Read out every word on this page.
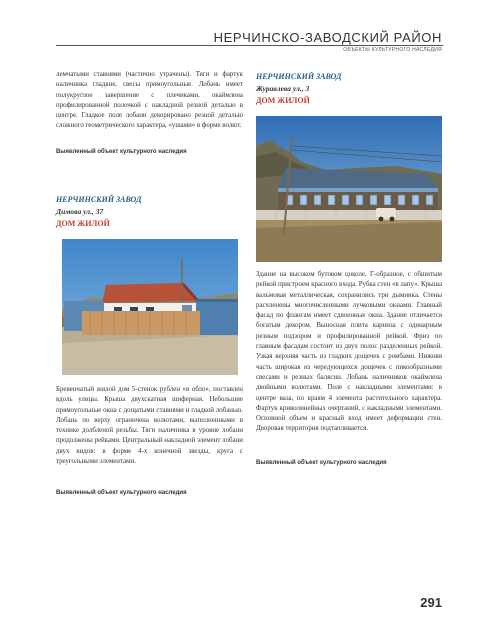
НЕРЧИНСКО-ЗАВОДСКИЙ РАЙОН
ОБЪЕКТЫ КУЛЬТУРНОГО НАСЛЕДИЯ

лемчатыми ставнями (частично утрачены). Тяги и фартук наличника гладкие, свесы прямоугольные. Лобань имеет полукруглое завершение с плечиками, окаймлена профилированной полочкой с накладной резной деталью в центре. Гладкое поле лобани декорировано резной деталью сложного геометрического характера, «ушами» в форме волют.

Выявленный объект культурного наследия
НЕРЧИНСКИЙ ЗАВОД
Димова ул., 37
ДОМ ЖИЛОЙ

Бревенчатый жилой дом 5-стенок рублен «в обло», поставлен вдоль улицы. Крыша двухскатная шиферная. Небольшие прямоугольные окна с дощатыми ставнями и гладкой лобанью. Лобань по верху ограничена волютами, выполненными в технике долбленой резьбы. Тяги наличника в уровне лобани продолжены рейками. Центральный накладной элемент лобани двух видов: в форме 4-х конечной звезды, круга с треугольными элементами.

Выявленный объект культурного наследия
НЕРЧИНСКИЙ ЗАВОД
Журавлева ул., 3
ДОМ ЖИЛОЙ

Здание на высоком бутовом цоколе, Г-образное, с обшитым рейкой пристроем красного входа. Рубка стен «в лапу». Крыша вальмовая металлическая, сохранились три дымника. Стены расчленены многочисленными лучковыми окнами. Главный фасад по флангам имеет сдвоенные окна. Здание отличается богатым декором. Выносная плита карниза с одинарным резным подзором и профилированной рейкой. Фриз по главным фасадам состоит из двух полос разделенных рейкой. Узкая верхняя часть из гладких дощечек с ромбами. Нижняя часть широкая из чередующихся дощечек с пикообразными свесами и резных балясин. Лобань наличников окаймлена двойными волютами. Поле с накладными элементами: в центре ваза, по краям 4 элемента растительного характера. Фартук криволинейных очертаний, с накладными элементами. Основной объем и красный вход имеет деформации стен. Дворовая территория подтапливается.

Выявленный объект культурного наследия
291
